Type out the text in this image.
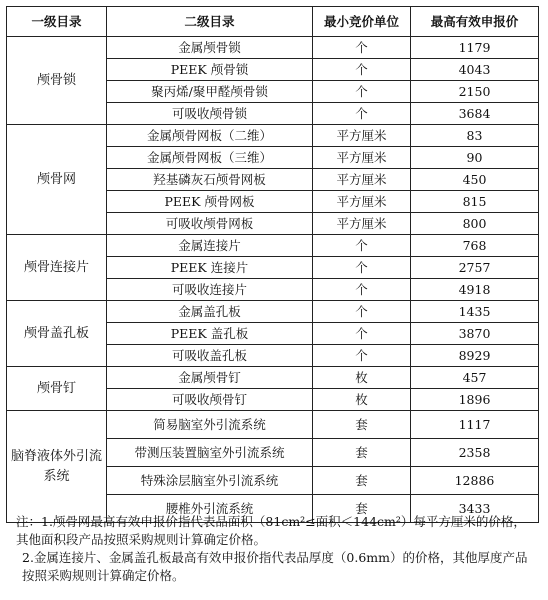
一级目录	二级目录	最小竞价单位	最高有效申报价
颅骨锁	金属颅骨锁	个	1179
	PEEK 颅骨锁	个	4043
	聚丙烯/聚甲醛颅骨锁	个	2150
	可吸收颅骨锁	个	3684
颅骨网	金属颅骨网板（二维）	平方厘米	83
	金属颅骨网板（三维）	平方厘米	90
	羟基磷灰石颅骨网板	平方厘米	450
	PEEK 颅骨网板	平方厘米	815
	可吸收颅骨网板	平方厘米	800
颅骨连接片	金属连接片	个	768
	PEEK 连接片	个	2757
	可吸收连接片	个	4918
颅骨盖孔板	金属盖孔板	个	1435
	PEEK 盖孔板	个	3870
	可吸收盖孔板	个	8929
颅骨钉	金属颅骨钉	枚	457
	可吸收颅骨钉	枚	1896
脑脊液体外引流系统	简易脑室外引流系统	套	1117
	带测压装置脑室外引流系统	套	2358
	特殊涂层脑室外引流系统	套	12886
	腰椎外引流系统	套	3433

注：1.颅骨网最高有效申报价指代表品面积（81cm²≤面积＜144cm²）每平方厘米的价格，其他面积段产品按照采购规则计算确定价格。

2.金属连接片、金属盖孔板最高有效申报价指代表品厚度（0.6mm）的价格，其他厚度产品按照采购规则计算确定价格。
